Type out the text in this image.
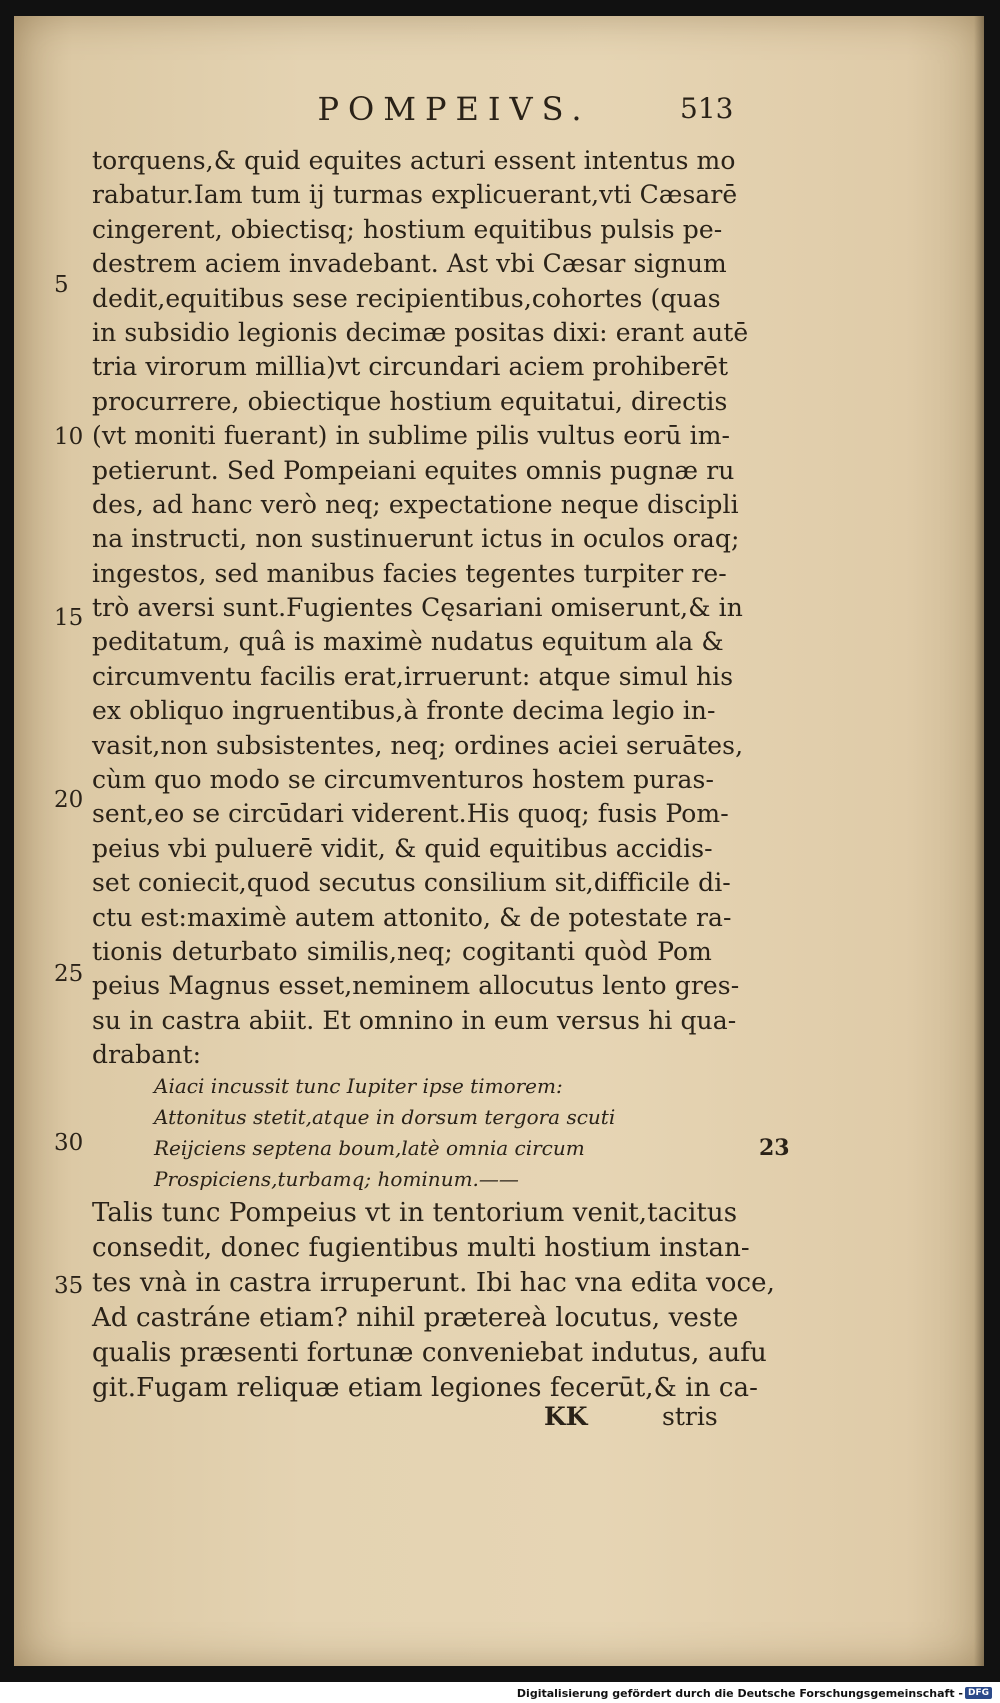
POMPEIVS.	513
5
10
15
20
25
30
35
torquens,& quid equites acturi essent intentus mo
rabatur.Iam tum ij turmas explicuerant,vti Cæsarē
cingerent, obiectisq; hostium equitibus pulsis pe-
destrem aciem invadebant. Ast vbi Cæsar signum
dedit,equitibus sese recipientibus,cohortes (quas
in subsidio legionis decimæ positas dixi: erant autē
tria virorum millia)vt circundari aciem prohiberēt
procurrere, obiectique hostium equitatui, directis
(vt moniti fuerant) in sublime pilis vultus eorū im-
petierunt. Sed Pompeiani equites omnis pugnæ ru
des, ad hanc verò neq; expectatione neque discipli
na instructi, non sustinuerunt ictus in oculos oraq;
ingestos, sed manibus facies tegentes turpiter re-
trò aversi sunt.Fugientes Cęsariani omiserunt,& in
peditatum, quâ is maximè nudatus equitum ala &
circumventu facilis erat,irruerunt: atque simul his
ex obliquo ingruentibus,à fronte decima legio in-
vasit,non subsistentes, neq; ordines aciei seruātes,
cùm quo modo se circumventuros hostem puras-
sent,eo se circūdari viderent.His quoq; fusis Pom-
peius vbi puluerē vidit, & quid equitibus accidis-
set coniecit,quod secutus consilium sit,difficile di-
ctu est:maximè autem attonito, & de potestate ra-
tionis deturbato similis,neq; cogitanti quòd Pom
peius Magnus esset,neminem allocutus lento gres-
su in castra abiit. Et omnino in eum versus hi qua-
drabant:
Aiaci incussit tunc Iupiter ipse timorem:
Attonitus stetit,atque in dorsum tergora scuti
Reijciens septena boum,latè omnia circum
Prospiciens,turbamq; hominum.——
23
Talis tunc Pompeius vt in tentorium venit,tacitus
consedit, donec fugientibus multi hostium instan-
tes vnà in castra irruperunt. Ibi hac vna edita voce,
Ad castráne etiam? nihil prætereà locutus, veste
qualis præsenti fortunæ conveniebat indutus, aufu
git.Fugam reliquæ etiam legiones fecerūt,& in ca-
KK	stris
Digitalisierung gefördert durch die Deutsche Forschungsgemeinschaft - DFG
